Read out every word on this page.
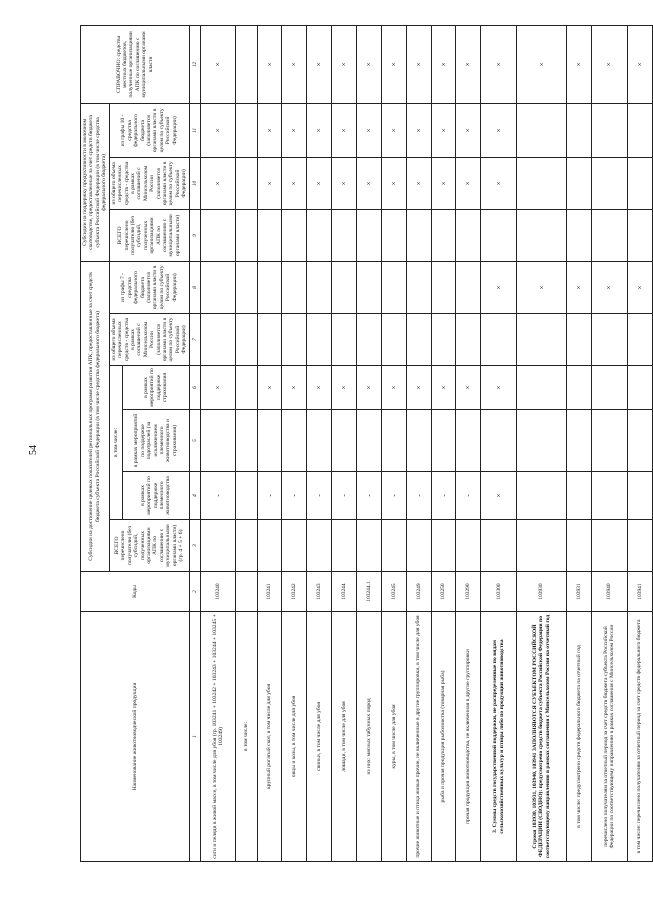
54
Наименование животноводческой продукции	Коды	Субсидии на достижение целевых показателей региональных программ развития АПК, предоставленные за счет средств бюджета субъекта Российской Федерации (в том числе средства федерального бюджета)						Субсидии на поддержку продуктивности в молочном скотоводстве, предоставленные за счет средств бюджета субъекта Российской Федерации (в том числе средства федерального бюджета)			СПРАВОЧНО: средства местных бюджетов, полученные организациями АПК по соглашению с муниципальными органами власти	
		ВСЕГО перечислено получателю (без субсидий, полученных организациями АПК по соглашению с муниципальными органами власти) (гр. 4 + 5 + 6)	в том числе:			из общего объема перечисленных средств - средства в рамках соглашений с Минсельхозом России (заполняется органами власти в целом по субъекту Российской Федерации)	из графы 7 - средства федерального бюджета (заполняется органами власти в целом по субъекту Российской Федерации)	ВСЕГО перечислено получателю (без субсидий, полученных организациями АПК по соглашению с муниципальными органами власти)	из общего объема перечисленных средств - средства в рамках соглашений с Минсельхозом России (заполняется органами власти в целом по субъекту Российской Федерации)	из графы 10 - средства федерального бюджета (заполняется органами власти в целом по субъекту Российской Федерации)		
			в рамках мероприятий по поддержке племенного животноводства	в рамках мероприятий по поддержке подотраслей (за исключением племенного животноводства и страхования)	в рамках мероприятий по поддержке страхования							
1	2	3	4	5	6	7	8	9	10	11	12	
сиги и пеляди в живой массе, в том числе для убоя (гр. 103241 + 103242 + 103243 + 103244 + 103245 + 103249)	103240		-		×				×	×	×	
в том числе:												
крупный рогатый скот, в том числе для убоя	103241		-		×				×	×	×	
овцы и козы, в том числе для убоя	103242		-		×				×	×	×	
свиньи, в том числе для убоя	103243		-		×				×	×	×	
лошади, в том числе для убоя	103244		-		×				×	×	×	
из них: мясных табунных пород	103244.1		-		×				×	×	×	
куры, в том числе для убоя	103245		-		×				×	×	×	
прочие животные и птица живые прочие, не включенные в другие группировки, в том числе для убоя	103249		-		×				×	×	×	
рыба и прочая продукция рыболовства (товарная рыба)	103250		-		×				×	×	×	
прочая продукция животноводства, не включенная в другие группировки	103290		-		×				×	×	×	
3. Суммы средств государственной поддержки, не распределенные по видам сельскохозяйственных культур и птицы либо по продукции животноводства	103300		×		×		×		×	×	×	
Строки 103930, 103931, 103940, 103941 ЗАПОЛНЯЮТСЯ СУБЪЕКТОМ РОССИЙСКОЙ ФЕДЕРАЦИИ (СВОДНО): предусмотрено средств бюджета субъекта Российской Федерации по соответствующему направлению в рамках соглашения с Минсельхозом России на отчетный год	103930						×				×	
в том числе: предусмотрено средств федерального бюджета на отчетный год	103931						×				×	
перечислено получателям за отчетный период за счет средств бюджета субъекта Российской Федерации по соответствующему направлению в рамках соглашения с Минсельхозом России	103940						×				×	
в том числе: перечислено получателям за отчетный период за счет средств федерального бюджета	103941						×				×	
